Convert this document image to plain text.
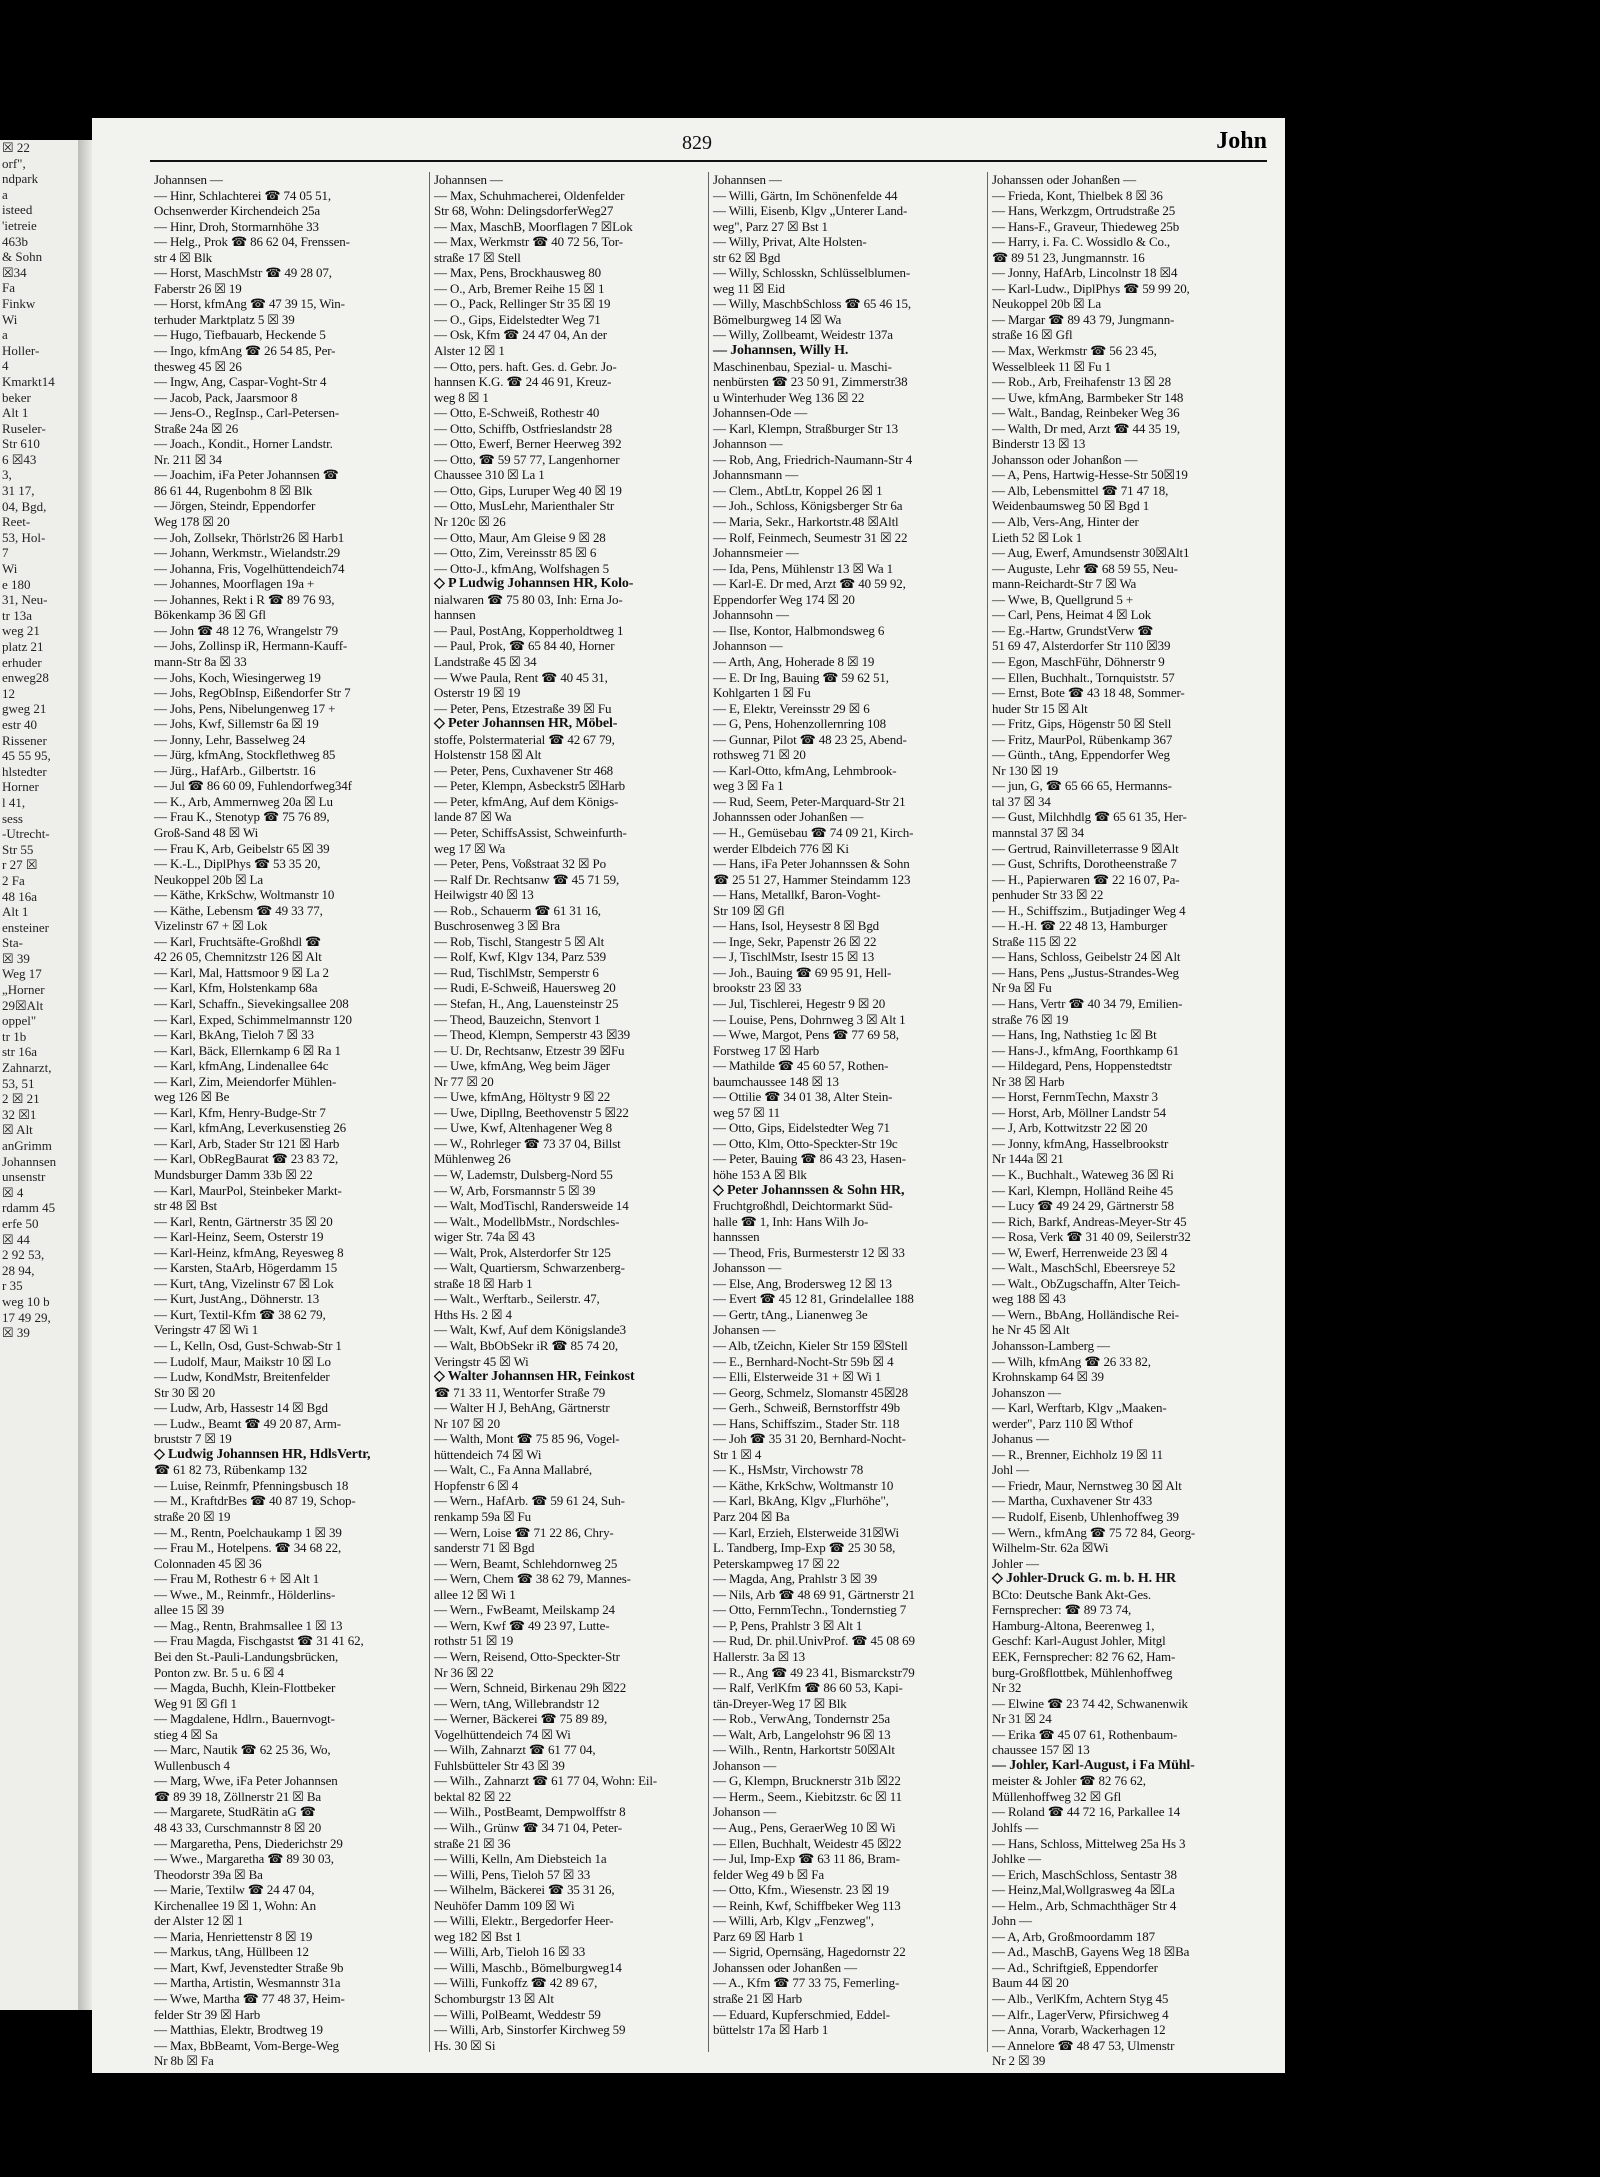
☒ 22
orf",
ndpark
a
isteed
'ietreie
463b
& Sohn
☒34
Fa
Finkw
Wi
a
Holler-
4
Kmarkt14
beker
Alt 1
Ruseler-
Str 610
6 ☒43
3,
31 17,
04, Bgd,
Reet-
53, Hol-
7
Wi
e 180
31, Neu-
tr 13a
weg 21
platz 21
erhuder
enweg28
12
gweg 21
estr 40
Rissener
45 55 95,
hlstedter
Horner
l 41,
sess
-Utrecht-
Str 55
r 27 ☒
2 Fa
48 16a
Alt 1
ensteiner
Sta-
☒ 39
Weg 17
„Horner
29☒Alt
oppel"
tr 1b
str 16a
Zahnarzt,
53, 51
2 ☒ 21
32 ☒1
☒ Alt
anGrimm
Johannsen
unsenstr
☒ 4
rdamm 45
erfe 50
☒ 44
2 92 53,
28 94,
r 35
weg 10 b
17 49 29,
☒ 39
829	John
Johannsen —
— Hinr, Schlachterei ☎ 74 05 51,
Ochsenwerder Kirchendeich 25a
— Hinr, Droh, Stormarnhöhe 33
— Helg., Prok ☎ 86 62 04, Frenssen-
str 4 ☒ Blk
— Horst, MaschMstr ☎ 49 28 07,
Faberstr 26 ☒ 19
— Horst, kfmAng ☎ 47 39 15, Win-
terhuder Marktplatz 5 ☒ 39
— Hugo, Tiefbauarb, Heckende 5
— Ingo, kfmAng ☎ 26 54 85, Per-
thesweg 45 ☒ 26
— Ingw, Ang, Caspar-Voght-Str 4
— Jacob, Pack, Jaarsmoor 8
— Jens-O., RegInsp., Carl-Petersen-
Straße 24a ☒ 26
— Joach., Kondit., Horner Landstr.
Nr. 211 ☒ 34
— Joachim, iFa Peter Johannsen ☎
86 61 44, Rugenbohm 8 ☒ Blk
— Jörgen, Steindr, Eppendorfer
Weg 178 ☒ 20
— Joh, Zollsekr, Thörlstr26 ☒ Harb1
— Johann, Werkmstr., Wielandstr.29
— Johanna, Fris, Vogelhüttendeich74
— Johannes, Moorflagen 19a +
— Johannes, Rekt i R ☎ 89 76 93,
Bökenkamp 36 ☒ Gfl
— John ☎ 48 12 76, Wrangelstr 79
— Johs, Zollinsp iR, Hermann-Kauff-
mann-Str 8a ☒ 33
— Johs, Koch, Wiesingerweg 19
— Johs, RegObInsp, Eißendorfer Str 7
— Johs, Pens, Nibelungenweg 17 +
— Johs, Kwf, Sillemstr 6a ☒ 19
— Jonny, Lehr, Basselweg 24
— Jürg, kfmAng, Stockflethweg 85
— Jürg., HafArb., Gilbertstr. 16
— Jul ☎ 86 60 09, Fuhlendorfweg34f
— K., Arb, Ammernweg 20a ☒ Lu
— Frau K., Stenotyp ☎ 75 76 89,
Groß-Sand 48 ☒ Wi
— Frau K, Arb, Geibelstr 65 ☒ 39
— K.-L., DiplPhys ☎ 53 35 20,
Neukoppel 20b ☒ La
— Käthe, KrkSchw, Woltmanstr 10
— Käthe, Lebensm ☎ 49 33 77,
Vizelinstr 67 + ☒ Lok
— Karl, Fruchtsäfte-Großhdl ☎
42 26 05, Chemnitzstr 126 ☒ Alt
— Karl, Mal, Hattsmoor 9 ☒ La 2
— Karl, Kfm, Holstenkamp 68a
— Karl, Schaffn., Sievekingsallee 208
— Karl, Exped, Schimmelmannstr 120
— Karl, BkAng, Tieloh 7 ☒ 33
— Karl, Bäck, Ellernkamp 6 ☒ Ra 1
— Karl, kfmAng, Lindenallee 64c
— Karl, Zim, Meiendorfer Mühlen-
weg 126 ☒ Be
— Karl, Kfm, Henry-Budge-Str 7
— Karl, kfmAng, Leverkusenstieg 26
— Karl, Arb, Stader Str 121 ☒ Harb
— Karl, ObRegBaurat ☎ 23 83 72,
Mundsburger Damm 33b ☒ 22
— Karl, MaurPol, Steinbeker Markt-
str 48 ☒ Bst
— Karl, Rentn, Gärtnerstr 35 ☒ 20
— Karl-Heinz, Seem, Osterstr 19
— Karl-Heinz, kfmAng, Reyesweg 8
— Karsten, StaArb, Högerdamm 15
— Kurt, tAng, Vizelinstr 67 ☒ Lok
— Kurt, JustAng., Döhnerstr. 13
— Kurt, Textil-Kfm ☎ 38 62 79,
Veringstr 47 ☒ Wi 1
— L, Kelln, Osd, Gust-Schwab-Str 1
— Ludolf, Maur, Maikstr 10 ☒ Lo
— Ludw, KondMstr, Breitenfelder
Str 30 ☒ 20
— Ludw, Arb, Hassestr 14 ☒ Bgd
— Ludw., Beamt ☎ 49 20 87, Arm-
bruststr 7 ☒ 19
◇ Ludwig Johannsen HR, HdlsVertr,
☎ 61 82 73, Rübenkamp 132
— Luise, Reinmfr, Pfenningsbusch 18
— M., KraftdrBes ☎ 40 87 19, Schop-
straße 20 ☒ 19
— M., Rentn, Poelchaukamp 1 ☒ 39
— Frau M., Hotelpens. ☎ 34 68 22,
Colonnaden 45 ☒ 36
— Frau M, Rothestr 6 + ☒ Alt 1
— Wwe., M., Reinmfr., Hölderlins-
allee 15 ☒ 39
— Mag., Rentn, Brahmsallee 1 ☒ 13
— Frau Magda, Fischgastst ☎ 31 41 62,
Bei den St.-Pauli-Landungsbrücken,
Ponton zw. Br. 5 u. 6 ☒ 4
— Magda, Buchh, Klein-Flottbeker
Weg 91 ☒ Gfl 1
— Magdalene, Hdlrn., Bauernvogt-
stieg 4 ☒ Sa
— Marc, Nautik ☎ 62 25 36, Wo,
Wullenbusch 4
— Marg, Wwe, iFa Peter Johannsen
☎ 89 39 18, Zöllnerstr 21 ☒ Ba
— Margarete, StudRätin aG ☎
48 43 33, Curschmannstr 8 ☒ 20
— Margaretha, Pens, Diederichstr 29
— Wwe., Margaretha ☎ 89 30 03,
Theodorstr 39a ☒ Ba
— Marie, Textilw ☎ 24 47 04,
Kirchenallee 19 ☒ 1, Wohn: An
der Alster 12 ☒ 1
— Maria, Henriettenstr 8 ☒ 19
— Markus, tAng, Hüllbeen 12
— Mart, Kwf, Jevenstedter Straße 9b
— Martha, Artistin, Wesmannstr 31a
— Wwe, Martha ☎ 77 48 37, Heim-
felder Str 39 ☒ Harb
— Matthias, Elektr, Brodtweg 19
— Max, BbBeamt, Vom-Berge-Weg
Nr 8b ☒ Fa
Johannsen —
— Max, Schuhmacherei, Oldenfelder
Str 68, Wohn: DelingsdorferWeg27
— Max, MaschB, Moorflagen 7 ☒Lok
— Max, Werkmstr ☎ 40 72 56, Tor-
straße 17 ☒ Stell
— Max, Pens, Brockhausweg 80
— O., Arb, Bremer Reihe 15 ☒ 1
— O., Pack, Rellinger Str 35 ☒ 19
— O., Gips, Eidelstedter Weg 71
— Osk, Kfm ☎ 24 47 04, An der
Alster 12 ☒ 1
— Otto, pers. haft. Ges. d. Gebr. Jo-
hannsen K.G. ☎ 24 46 91, Kreuz-
weg 8 ☒ 1
— Otto, E-Schweiß, Rothestr 40
— Otto, Schiffb, Ostfrieslandstr 28
— Otto, Ewerf, Berner Heerweg 392
— Otto, ☎ 59 57 77, Langenhorner
Chaussee 310 ☒ La 1
— Otto, Gips, Luruper Weg 40 ☒ 19
— Otto, MusLehr, Marienthaler Str
Nr 120c ☒ 26
— Otto, Maur, Am Gleise 9 ☒ 28
— Otto, Zim, Vereinsstr 85 ☒ 6
— Otto-J., kfmAng, Wolfshagen 5
◇ P Ludwig Johannsen HR, Kolo-
nialwaren ☎ 75 80 03, Inh: Erna Jo-
hannsen
— Paul, PostAng, Kopperholdtweg 1
— Paul, Prok, ☎ 65 84 40, Horner
Landstraße 45 ☒ 34
— Wwe Paula, Rent ☎ 40 45 31,
Osterstr 19 ☒ 19
— Peter, Pens, Etzestraße 39 ☒ Fu
◇ Peter Johannsen HR, Möbel-
stoffe, Polstermaterial ☎ 42 67 79,
Holstenstr 158 ☒ Alt
— Peter, Pens, Cuxhavener Str 468
— Peter, Klempn, Asbeckstr5 ☒Harb
— Peter, kfmAng, Auf dem Königs-
lande 87 ☒ Wa
— Peter, SchiffsAssist, Schweinfurth-
weg 17 ☒ Wa
— Peter, Pens, Voßstraat 32 ☒ Po
— Ralf Dr. Rechtsanw ☎ 45 71 59,
Heilwigstr 40 ☒ 13
— Rob., Schauerm ☎ 61 31 16,
Buschrosenweg 3 ☒ Bra
— Rob, Tischl, Stangestr 5 ☒ Alt
— Rolf, Kwf, Klgv 134, Parz 539
— Rud, TischlMstr, Semperstr 6
— Rudi, E-Schweiß, Hauersweg 20
— Stefan, H., Ang, Lauensteinstr 25
— Theod, Bauzeichn, Stenvort 1
— Theod, Klempn, Semperstr 43 ☒39
— U. Dr, Rechtsanw, Etzestr 39 ☒Fu
— Uwe, kfmAng, Weg beim Jäger
Nr 77 ☒ 20
— Uwe, kfmAng, Höltystr 9 ☒ 22
— Uwe, Dipllng, Beethovenstr 5 ☒22
— Uwe, Kwf, Altenhagener Weg 8
— W., Rohrleger ☎ 73 37 04, Billst
Mühlenweg 26
— W, Lademstr, Dulsberg-Nord 55
— W, Arb, Forsmannstr 5 ☒ 39
— Walt, ModTischl, Randersweide 14
— Walt., ModellbMstr., Nordschles-
wiger Str. 74a ☒ 43
— Walt, Prok, Alsterdorfer Str 125
— Walt, Quartiersm, Schwarzenberg-
straße 18 ☒ Harb 1
— Walt., Werftarb., Seilerstr. 47,
Hths Hs. 2 ☒ 4
— Walt, Kwf, Auf dem Königslande3
— Walt, BbObSekr iR ☎ 85 74 20,
Veringstr 45 ☒ Wi
◇ Walter Johannsen HR, Feinkost
☎ 71 33 11, Wentorfer Straße 79
— Walter H J, BehAng, Gärtnerstr
Nr 107 ☒ 20
— Walth, Mont ☎ 75 85 96, Vogel-
hüttendeich 74 ☒ Wi
— Walt, C., Fa Anna Mallabré,
Hopfenstr 6 ☒ 4
— Wern., HafArb. ☎ 59 61 24, Suh-
renkamp 59a ☒ Fu
— Wern, Loise ☎ 71 22 86, Chry-
sanderstr 71 ☒ Bgd
— Wern, Beamt, Schlehdornweg 25
— Wern, Chem ☎ 38 62 79, Mannes-
allee 12 ☒ Wi 1
— Wern., FwBeamt, Meilskamp 24
— Wern, Kwf ☎ 49 23 97, Lutte-
rothstr 51 ☒ 19
— Wern, Reisend, Otto-Speckter-Str
Nr 36 ☒ 22
— Wern, Schneid, Birkenau 29h ☒22
— Wern, tAng, Willebrandstr 12
— Werner, Bäckerei ☎ 75 89 89,
Vogelhüttendeich 74 ☒ Wi
— Wilh, Zahnarzt ☎ 61 77 04,
Fuhlsbütteler Str 43 ☒ 39
— Wilh., Zahnarzt ☎ 61 77 04, Wohn: Eil-
bektal 82 ☒ 22
— Wilh., PostBeamt, Dempwolffstr 8
— Wilh., Grünw ☎ 34 71 04, Peter-
straße 21 ☒ 36
— Willi, Kelln, Am Diebsteich 1a
— Willi, Pens, Tieloh 57 ☒ 33
— Wilhelm, Bäckerei ☎ 35 31 26,
Neuhöfer Damm 109 ☒ Wi
— Willi, Elektr., Bergedorfer Heer-
weg 182 ☒ Bst 1
— Willi, Arb, Tieloh 16 ☒ 33
— Willi, Maschb., Bömelburgweg14
— Willi, Funkoffz ☎ 42 89 67,
Schomburgstr 13 ☒ Alt
— Willi, PolBeamt, Weddestr 59
— Willi, Arb, Sinstorfer Kirchweg 59
Hs. 30 ☒ Si
Johannsen —
— Willi, Gärtn, Im Schönenfelde 44
— Willi, Eisenb, Klgv „Unterer Land-
weg", Parz 27 ☒ Bst 1
— Willy, Privat, Alte Holsten-
str 62 ☒ Bgd
— Willy, Schlosskn, Schlüsselblumen-
weg 11 ☒ Eid
— Willy, MaschbSchloss ☎ 65 46 15,
Bömelburgweg 14 ☒ Wa
— Willy, Zollbeamt, Weidestr 137a
— Johannsen, Willy H.
Maschinenbau, Spezial- u. Maschi-
nenbürsten ☎ 23 50 91, Zimmerstr38
u Winterhuder Weg 136 ☒ 22
Johannsen-Ode —
— Karl, Klempn, Straßburger Str 13
Johannson —
— Rob, Ang, Friedrich-Naumann-Str 4
Johannsmann —
— Clem., AbtLtr, Koppel 26 ☒ 1
— Joh., Schloss, Königsberger Str 6a
— Maria, Sekr., Harkortstr.48 ☒Altl
— Rolf, Feinmech, Seumestr 31 ☒ 22
Johannsmeier —
— Ida, Pens, Mühlenstr 13 ☒ Wa 1
— Karl-E. Dr med, Arzt ☎ 40 59 92,
Eppendorfer Weg 174 ☒ 20
Johannsohn —
— Ilse, Kontor, Halbmondsweg 6
Johannson —
— Arth, Ang, Hoherade 8 ☒ 19
— E. Dr Ing, Bauing ☎ 59 62 51,
Kohlgarten 1 ☒ Fu
— E, Elektr, Vereinsstr 29 ☒ 6
— G, Pens, Hohenzollernring 108
— Gunnar, Pilot ☎ 48 23 25, Abend-
rothsweg 71 ☒ 20
— Karl-Otto, kfmAng, Lehmbrook-
weg 3 ☒ Fa 1
— Rud, Seem, Peter-Marquard-Str 21
Johannssen oder Johanßen —
— H., Gemüsebau ☎ 74 09 21, Kirch-
werder Elbdeich 776 ☒ Ki
— Hans, iFa Peter Johannssen & Sohn
☎ 25 51 27, Hammer Steindamm 123
— Hans, Metallkf, Baron-Voght-
Str 109 ☒ Gfl
— Hans, Isol, Heysestr 8 ☒ Bgd
— Inge, Sekr, Papenstr 26 ☒ 22
— J, TischlMstr, Isestr 15 ☒ 13
— Joh., Bauing ☎ 69 95 91, Hell-
brookstr 23 ☒ 33
— Jul, Tischlerei, Hegestr 9 ☒ 20
— Louise, Pens, Dohrnweg 3 ☒ Alt 1
— Wwe, Margot, Pens ☎ 77 69 58,
Forstweg 17 ☒ Harb
— Mathilde ☎ 45 60 57, Rothen-
baumchaussee 148 ☒ 13
— Ottilie ☎ 34 01 38, Alter Stein-
weg 57 ☒ 11
— Otto, Gips, Eidelstedter Weg 71
— Otto, Klm, Otto-Speckter-Str 19c
— Peter, Bauing ☎ 86 43 23, Hasen-
höhe 153 A ☒ Blk
◇ Peter Johannssen & Sohn HR,
Fruchtgroßhdl, Deichtormarkt Süd-
halle ☎ 1, Inh: Hans Wilh Jo-
hannssen
— Theod, Fris, Burmesterstr 12 ☒ 33
Johansson —
— Else, Ang, Brodersweg 12 ☒ 13
— Evert ☎ 45 12 81, Grindelallee 188
— Gertr, tAng., Lianenweg 3e
Johansen —
— Alb, tZeichn, Kieler Str 159 ☒Stell
— E., Bernhard-Nocht-Str 59b ☒ 4
— Elli, Elsterweide 31 + ☒ Wi 1
— Georg, Schmelz, Slomanstr 45☒28
— Gerh., Schweiß, Bernstorffstr 49b
— Hans, Schiffszim., Stader Str. 118
— Joh ☎ 35 31 20, Bernhard-Nocht-
Str 1 ☒ 4
— K., HsMstr, Virchowstr 78
— Käthe, KrkSchw, Woltmanstr 10
— Karl, BkAng, Klgv „Flurhöhe",
Parz 204 ☒ Ba
— Karl, Erzieh, Elsterweide 31☒Wi
L. Tandberg, Imp-Exp ☎ 25 30 58,
Peterskampweg 17 ☒ 22
— Magda, Ang, Prahlstr 3 ☒ 39
— Nils, Arb ☎ 48 69 91, Gärtnerstr 21
— Otto, FernmTechn., Tondernstieg 7
— P, Pens, Prahlstr 3 ☒ Alt 1
— Rud, Dr. phil.UnivProf. ☎ 45 08 69
Hallerstr. 3a ☒ 13
— R., Ang ☎ 49 23 41, Bismarckstr79
— Ralf, VerlKfm ☎ 86 60 53, Kapi-
tän-Dreyer-Weg 17 ☒ Blk
— Rob., VerwAng, Tondernstr 25a
— Walt, Arb, Langelohstr 96 ☒ 13
— Wilh., Rentn, Harkortstr 50☒Alt
Johanson —
— G, Klempn, Brucknerstr 31b ☒22
— Herm., Seem., Kiebitzstr. 6c ☒ 11
Johanson —
— Aug., Pens, GeraerWeg 10 ☒ Wi
— Ellen, Buchhalt, Weidestr 45 ☒22
— Jul, Imp-Exp ☎ 63 11 86, Bram-
felder Weg 49 b ☒ Fa
— Otto, Kfm., Wiesenstr. 23 ☒ 19
— Reinh, Kwf, Schiffbeker Weg 113
— Willi, Arb, Klgv „Fenzweg",
Parz 69 ☒ Harb 1
— Sigrid, Opernsäng, Hagedornstr 22
Johanssen oder Johanßen —
— A., Kfm ☎ 77 33 75, Femerling-
straße 21 ☒ Harb
— Eduard, Kupferschmied, Eddel-
büttelstr 17a ☒ Harb 1
Johanssen oder Johanßen —
— Frieda, Kont, Thielbek 8 ☒ 36
— Hans, Werkzgm, Ortrudstraße 25
— Hans-F., Graveur, Thiedeweg 25b
— Harry, i. Fa. C. Wossidlo & Co.,
☎ 89 51 23, Jungmannstr. 16
— Jonny, HafArb, Lincolnstr 18 ☒4
— Karl-Ludw., DiplPhys ☎ 59 99 20,
Neukoppel 20b ☒ La
— Margar ☎ 89 43 79, Jungmann-
straße 16 ☒ Gfl
— Max, Werkmstr ☎ 56 23 45,
Wesselbleek 11 ☒ Fu 1
— Rob., Arb, Freihafenstr 13 ☒ 28
— Uwe, kfmAng, Barmbeker Str 148
— Walt., Bandag, Reinbeker Weg 36
— Walth, Dr med, Arzt ☎ 44 35 19,
Binderstr 13 ☒ 13
Johansson oder Johanßon —
— A, Pens, Hartwig-Hesse-Str 50☒19
— Alb, Lebensmittel ☎ 71 47 18,
Weidenbaumsweg 50 ☒ Bgd 1
— Alb, Vers-Ang, Hinter der
Lieth 52 ☒ Lok 1
— Aug, Ewerf, Amundsenstr 30☒Alt1
— Auguste, Lehr ☎ 68 59 55, Neu-
mann-Reichardt-Str 7 ☒ Wa
— Wwe, B, Quellgrund 5 +
— Carl, Pens, Heimat 4 ☒ Lok
— Eg.-Hartw, GrundstVerw ☎
51 69 47, Alsterdorfer Str 110 ☒39
— Egon, MaschFühr, Döhnerstr 9
— Ellen, Buchhalt., Tornquiststr. 57
— Ernst, Bote ☎ 43 18 48, Sommer-
huder Str 15 ☒ Alt
— Fritz, Gips, Högenstr 50 ☒ Stell
— Fritz, MaurPol, Rübenkamp 367
— Günth., tAng, Eppendorfer Weg
Nr 130 ☒ 19
— jun, G, ☎ 65 66 65, Hermanns-
tal 37 ☒ 34
— Gust, Milchhdlg ☎ 65 61 35, Her-
mannstal 37 ☒ 34
— Gertrud, Rainvilleterrasse 9 ☒Alt
— Gust, Schrifts, Dorotheenstraße 7
— H., Papierwaren ☎ 22 16 07, Pa-
penhuder Str 33 ☒ 22
— H., Schiffszim., Butjadinger Weg 4
— H.-H. ☎ 22 48 13, Hamburger
Straße 115 ☒ 22
— Hans, Schloss, Geibelstr 24 ☒ Alt
— Hans, Pens „Justus-Strandes-Weg
Nr 9a ☒ Fu
— Hans, Vertr ☎ 40 34 79, Emilien-
straße 76 ☒ 19
— Hans, Ing, Nathstieg 1c ☒ Bt
— Hans-J., kfmAng, Foorthkamp 61
— Hildegard, Pens, Hoppenstedtstr
Nr 38 ☒ Harb
— Horst, FernmTechn, Maxstr 3
— Horst, Arb, Möllner Landstr 54
— J, Arb, Kottwitzstr 22 ☒ 20
— Jonny, kfmAng, Hasselbrookstr
Nr 144a ☒ 21
— K., Buchhalt., Wateweg 36 ☒ Ri
— Karl, Klempn, Holländ Reihe 45
— Lucy ☎ 49 24 29, Gärtnerstr 58
— Rich, Barkf, Andreas-Meyer-Str 45
— Rosa, Verk ☎ 31 40 09, Seilerstr32
— W, Ewerf, Herrenweide 23 ☒ 4
— Walt., MaschSchl, Ebeersreye 52
— Walt., ObZugschaffn, Alter Teich-
weg 188 ☒ 43
— Wern., BbAng, Holländische Rei-
he Nr 45 ☒ Alt
Johansson-Lamberg —
— Wilh, kfmAng ☎ 26 33 82,
Krohnskamp 64 ☒ 39
Johanszon —
— Karl, Werftarb, Klgv „Maaken-
werder", Parz 110 ☒ Wthof
Johanus —
— R., Brenner, Eichholz 19 ☒ 11
Johl —
— Friedr, Maur, Nernstweg 30 ☒ Alt
— Martha, Cuxhavener Str 433
— Rudolf, Eisenb, Uhlenhoffweg 39
— Wern., kfmAng ☎ 75 72 84, Georg-
Wilhelm-Str. 62a ☒Wi
Johler —
◇ Johler-Druck G. m. b. H. HR
BCto: Deutsche Bank Akt-Ges.
Fernsprecher: ☎ 89 73 74,
Hamburg-Altona, Beerenweg 1,
Geschf: Karl-August Johler, Mitgl
EEK, Fernsprecher: 82 76 62, Ham-
burg-Großflottbek, Mühlenhoffweg
Nr 32
— Elwine ☎ 23 74 42, Schwanenwik
Nr 31 ☒ 24
— Erika ☎ 45 07 61, Rothenbaum-
chaussee 157 ☒ 13
— Johler, Karl-August, i Fa Mühl-
meister & Johler ☎ 82 76 62,
Müllenhoffweg 32 ☒ Gfl
— Roland ☎ 44 72 16, Parkallee 14
Johlfs —
— Hans, Schloss, Mittelweg 25a Hs 3
Johlke —
— Erich, MaschSchloss, Sentastr 38
— Heinz,Mal,Wollgrasweg 4a ☒La
— Helm., Arb, Schmachthäger Str 4
John —
— A, Arb, Großmoordamm 187
— Ad., MaschB, Gayens Weg 18 ☒Ba
— Ad., Schriftgieß, Eppendorfer
Baum 44 ☒ 20
— Alb., VerlKfm, Achtern Styg 45
— Alfr., LagerVerw, Pfirsichweg 4
— Anna, Vorarb, Wackerhagen 12
— Annelore ☎ 48 47 53, Ulmenstr
Nr 2 ☒ 39
